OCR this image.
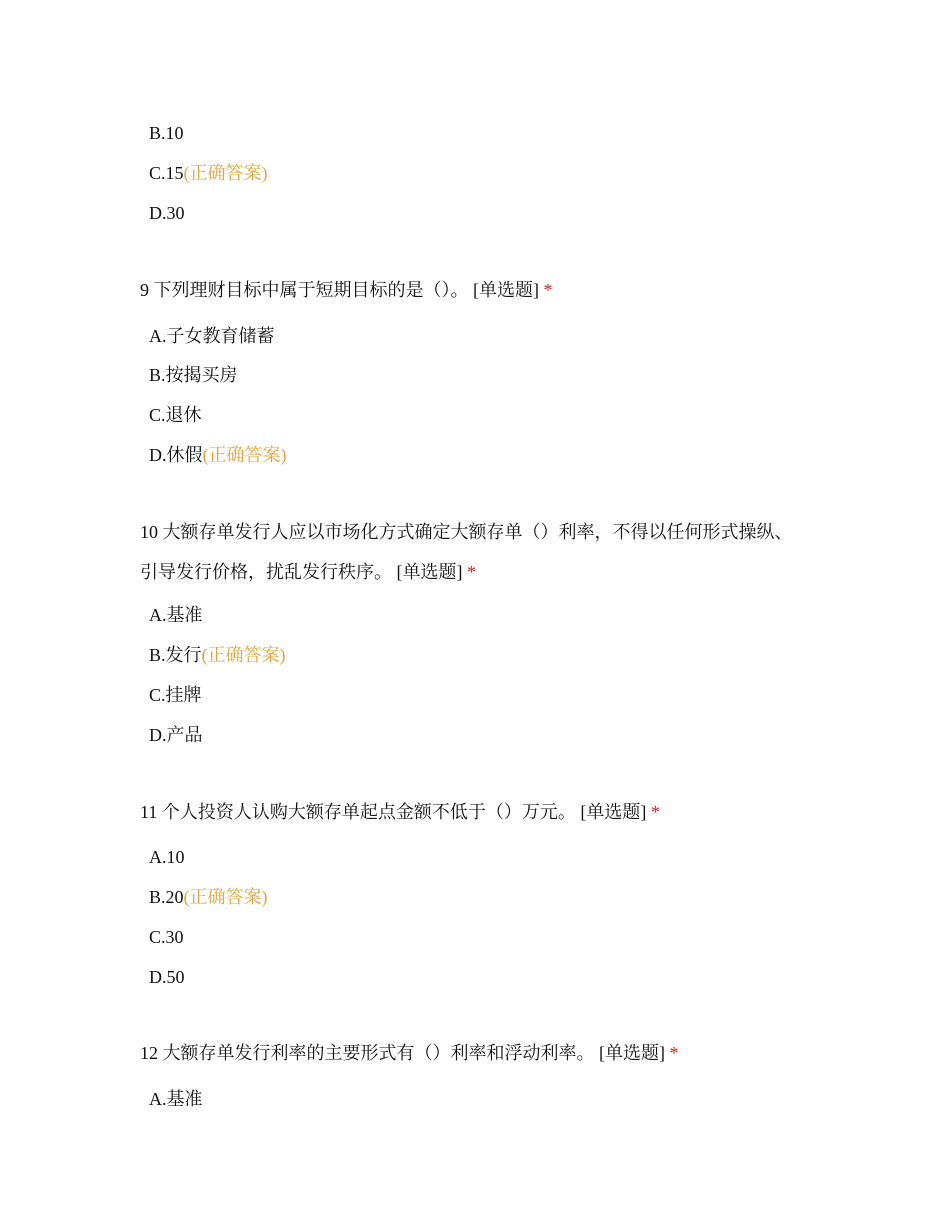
B.10
C.15(正确答案)
D.30
9 下列理财目标中属于短期目标的是（）。 [单选题] *
A.子女教育储蓄
B.按揭买房
C.退休
D.休假(正确答案)
10 大额存单发行人应以市场化方式确定大额存单（）利率，不得以任何形式操纵、引导发行价格，扰乱发行秩序。 [单选题] *
A.基准
B.发行(正确答案)
C.挂牌
D.产品
11 个人投资人认购大额存单起点金额不低于（）万元。 [单选题] *
A.10
B.20(正确答案)
C.30
D.50
12 大额存单发行利率的主要形式有（）利率和浮动利率。 [单选题] *
A.基准
